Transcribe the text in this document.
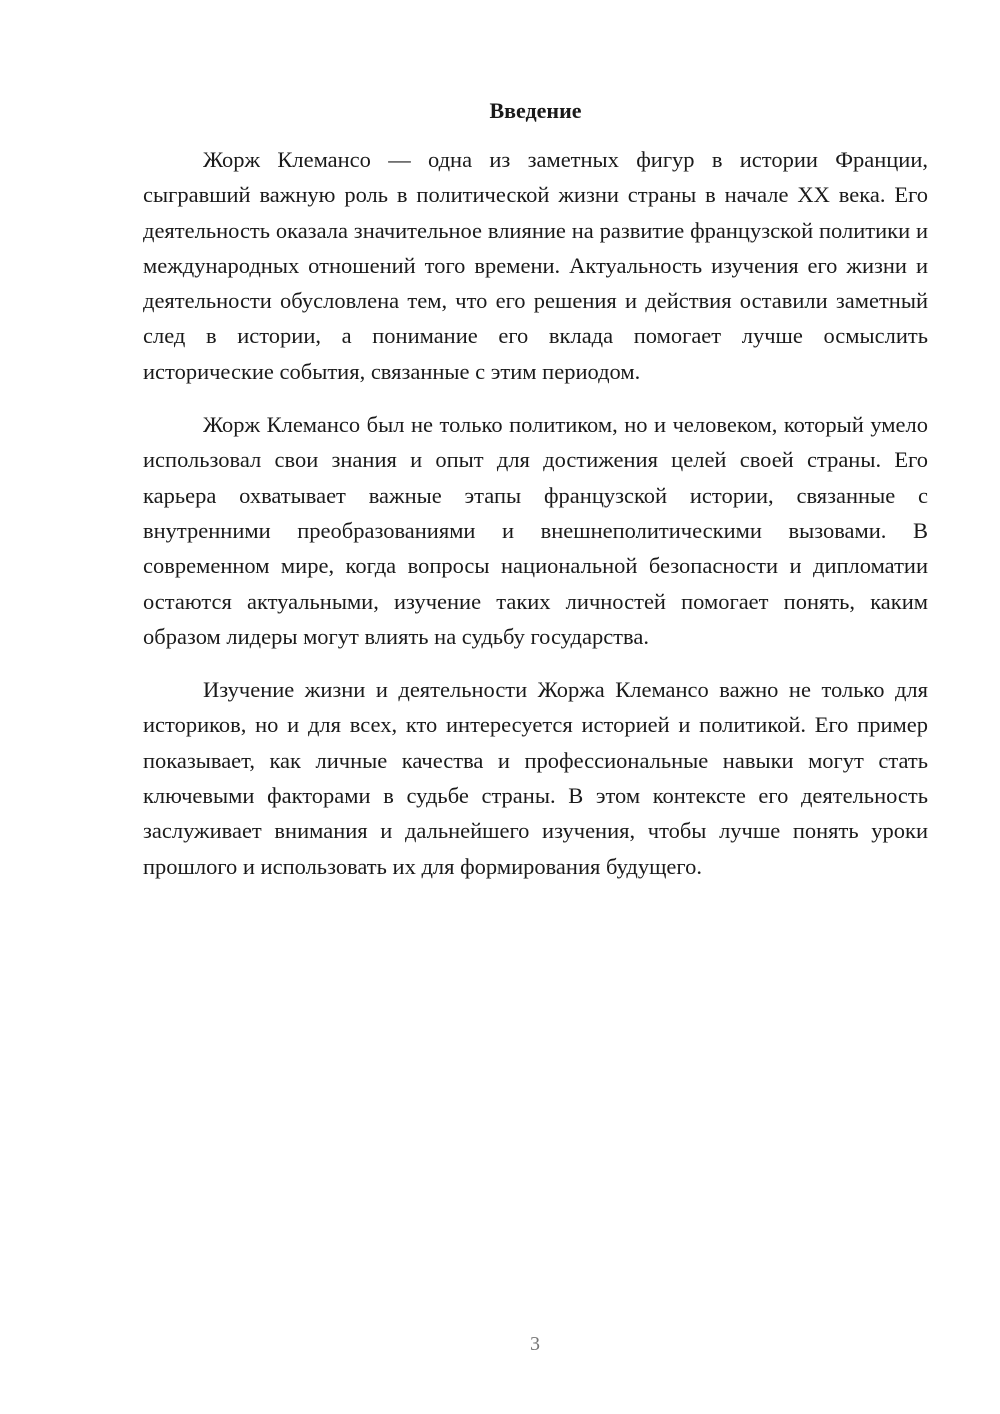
Введение

Жорж Клемансо — одна из заметных фигур в истории Франции, сыгравший важную роль в политической жизни страны в начале XX века. Его деятельность оказала значительное влияние на развитие французской политики и международных отношений того времени. Актуальность изучения его жизни и деятельности обусловлена тем, что его решения и действия оставили заметный след в истории, а понимание его вклада помогает лучше осмыслить исторические события, связанные с этим периодом.

Жорж Клемансо был не только политиком, но и человеком, который умело использовал свои знания и опыт для достижения целей своей страны. Его карьера охватывает важные этапы французской истории, связанные с внутренними преобразованиями и внешнеполитическими вызовами. В современном мире, когда вопросы национальной безопасности и дипломатии остаются актуальными, изучение таких личностей помогает понять, каким образом лидеры могут влиять на судьбу государства.

Изучение жизни и деятельности Жоржа Клемансо важно не только для историков, но и для всех, кто интересуется историей и политикой. Его пример показывает, как личные качества и профессиональные навыки могут стать ключевыми факторами в судьбе страны. В этом контексте его деятельность заслуживает внимания и дальнейшего изучения, чтобы лучше понять уроки прошлого и использовать их для формирования будущего.

3
